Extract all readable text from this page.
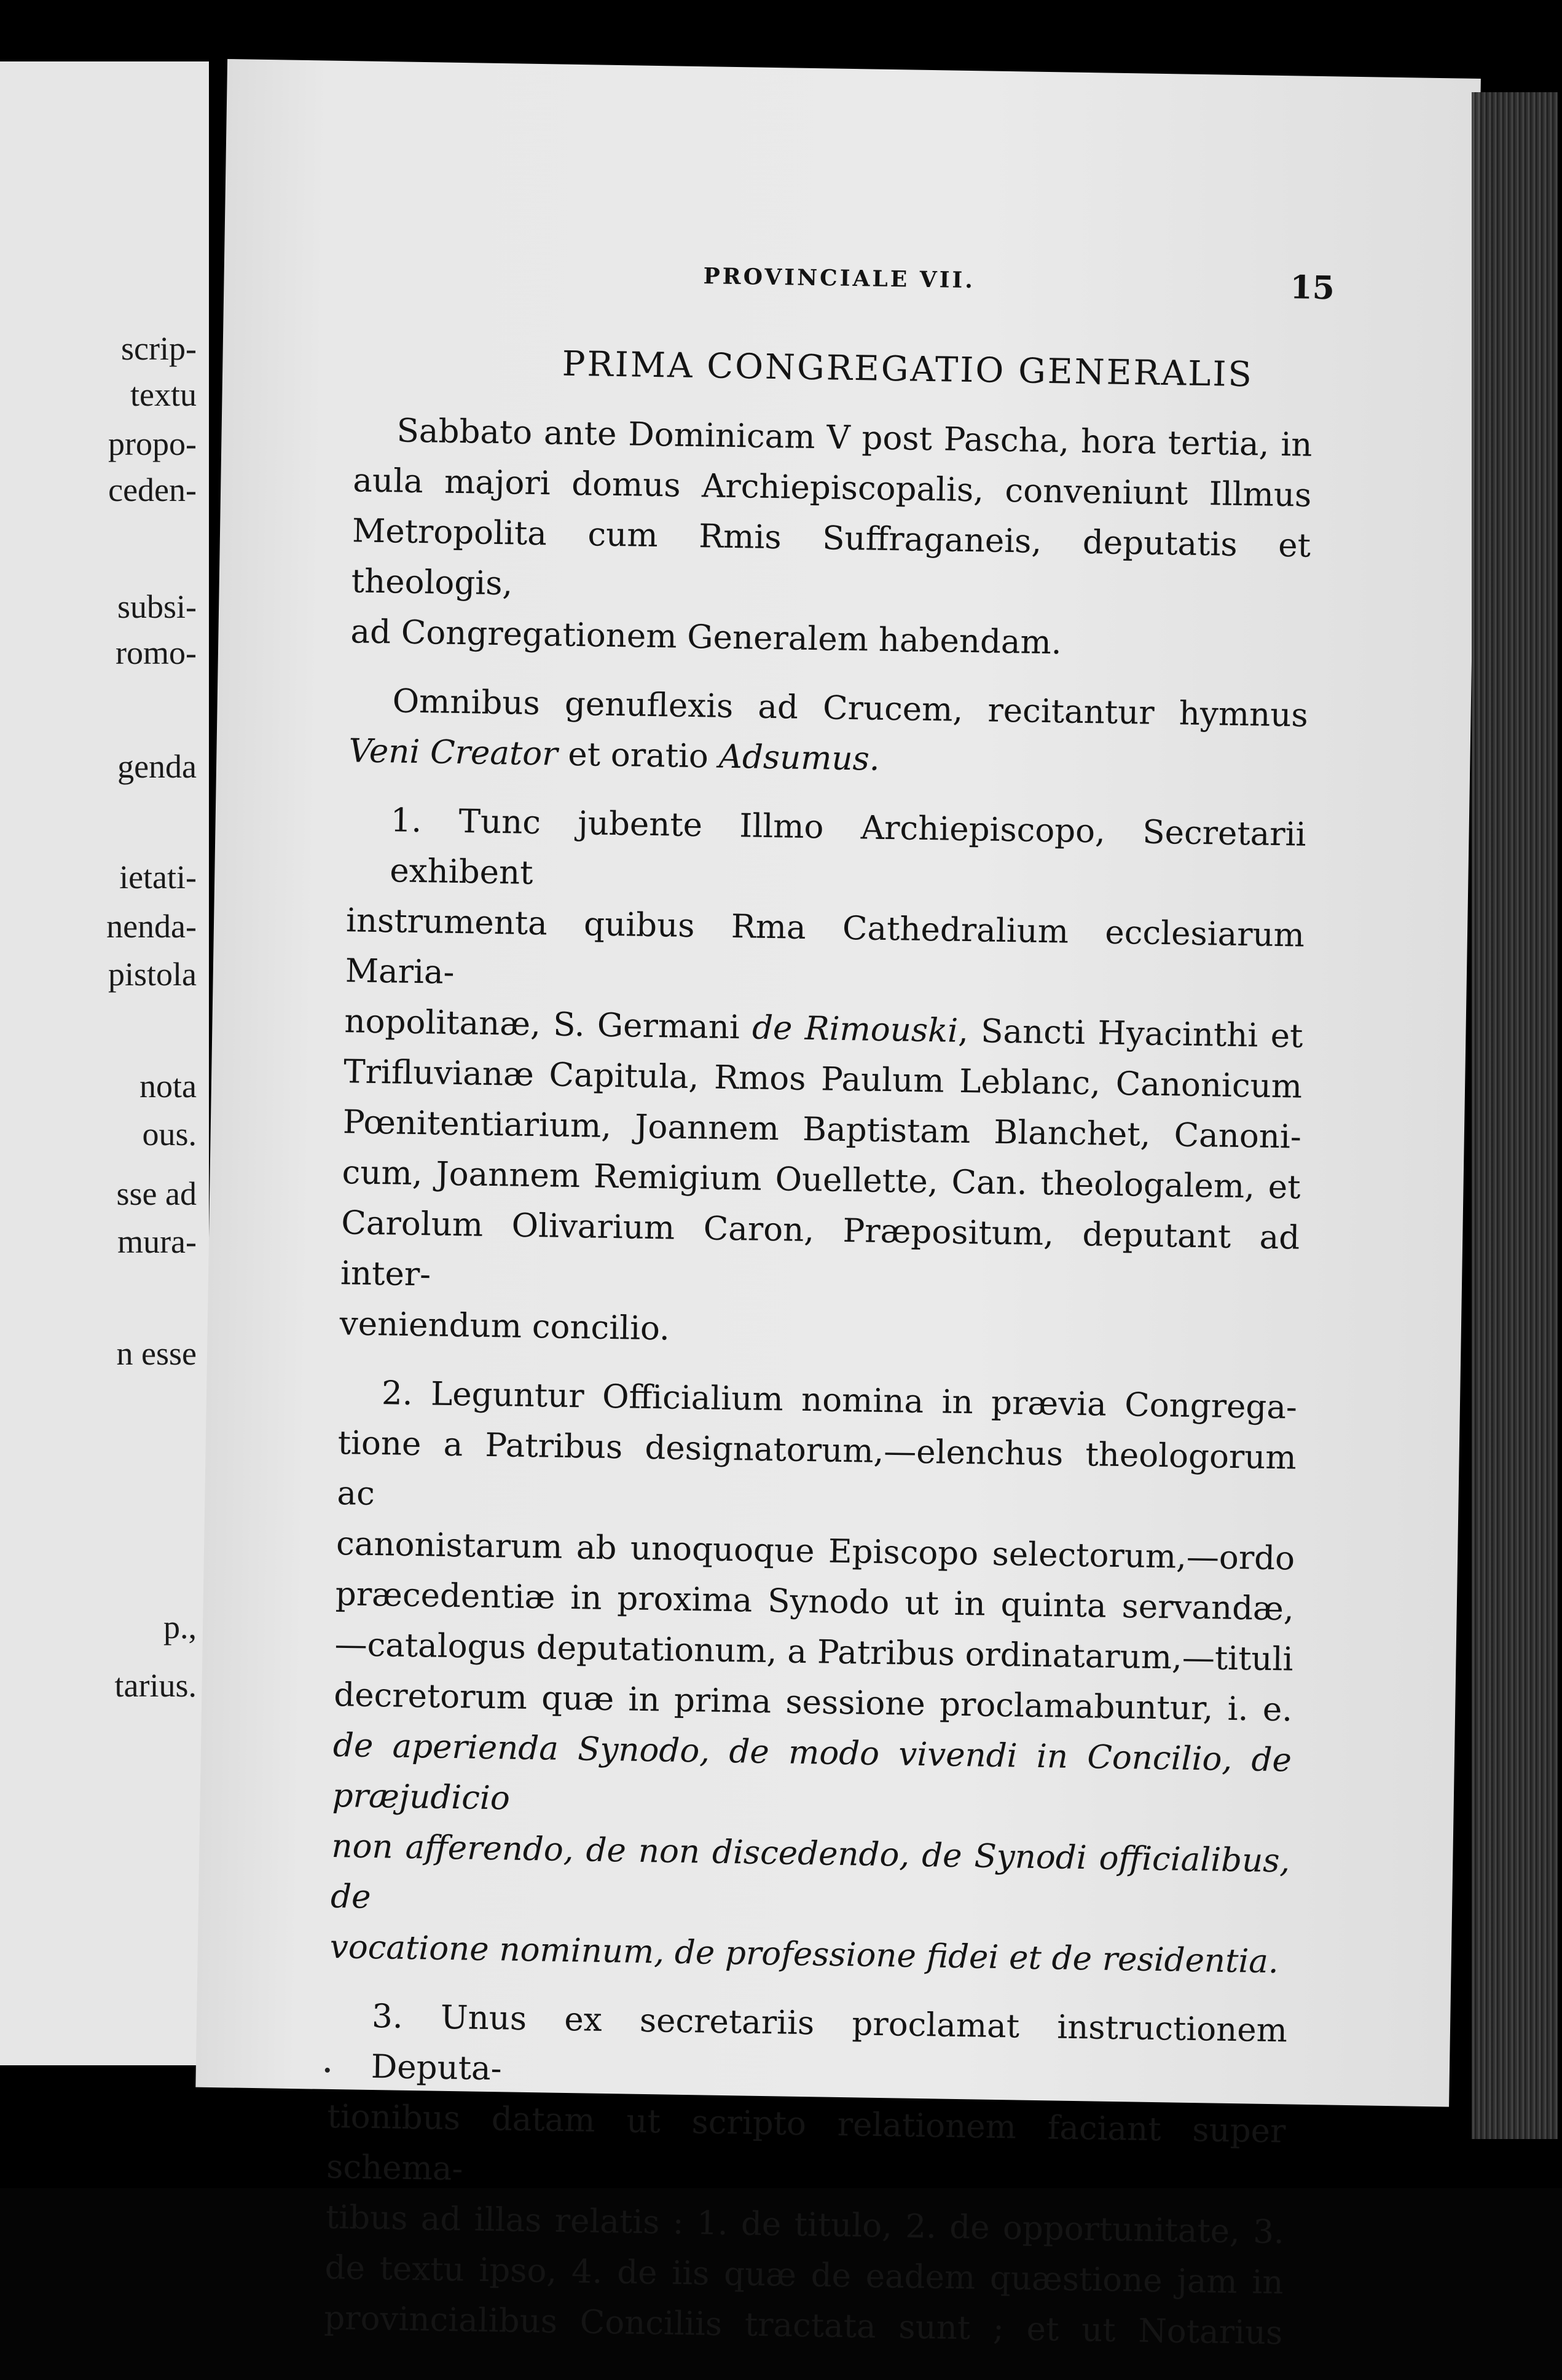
scrip-
textu
propo-
ceden-
subsi-
romo-
genda
ietati-
nenda-
pistola
nota
ous.
sse ad
mura-
n esse
p.,
tarius.
PROVINCIALE VII.	15
PRIMA CONGREGATIO GENERALIS

Sabbato ante Dominicam V post Pascha, hora tertia, in
aula majori domus Archiepiscopalis, conveniunt Illmus
Metropolita cum Rmis Suffraganeis, deputatis et theologis,
ad Congregationem Generalem habendam.

Omnibus genuflexis ad Crucem, recitantur hymnus
Veni Creator et oratio Adsumus.

1. Tunc jubente Illmo Archiepiscopo, Secretarii exhibent
instrumenta quibus Rma Cathedralium ecclesiarum Maria-
nopolitanæ, S. Germani de Rimouski, Sancti Hyacinthi et
Trifluvianæ Capitula, Rmos Paulum Leblanc, Canonicum
Pœnitentiarium, Joannem Baptistam Blanchet, Canoni-
cum, Joannem Remigium Ouellette, Can. theologalem, et
Carolum Olivarium Caron, Præpositum, deputant ad inter-
veniendum concilio.

2. Leguntur Officialium nomina in prævia Congrega-
tione a Patribus designatorum,—elenchus theologorum ac
canonistarum ab unoquoque Episcopo selectorum,—ordo
præcedentiæ in proxima Synodo ut in quinta servandæ,
—catalogus deputationum, a Patribus ordinatarum,—tituli
decretorum quæ in prima sessione proclamabuntur, i. e.
de aperienda Synodo, de modo vivendi in Concilio, de præjudicio
non afferendo, de non discedendo, de Synodi officialibus, de
vocatione nominum, de professione fidei et de residentia.

3. Unus ex secretariis proclamat instructionem Deputa-
tionibus datam ut scripto relationem faciant super schema-
tibus ad illas relatis : 1. de titulo, 2. de opportunitate, 3.
de textu ipso, 4. de iis quæ de eadem quæstione jam in
provincialibus Conciliis tractata sunt ; et ut Notarius
